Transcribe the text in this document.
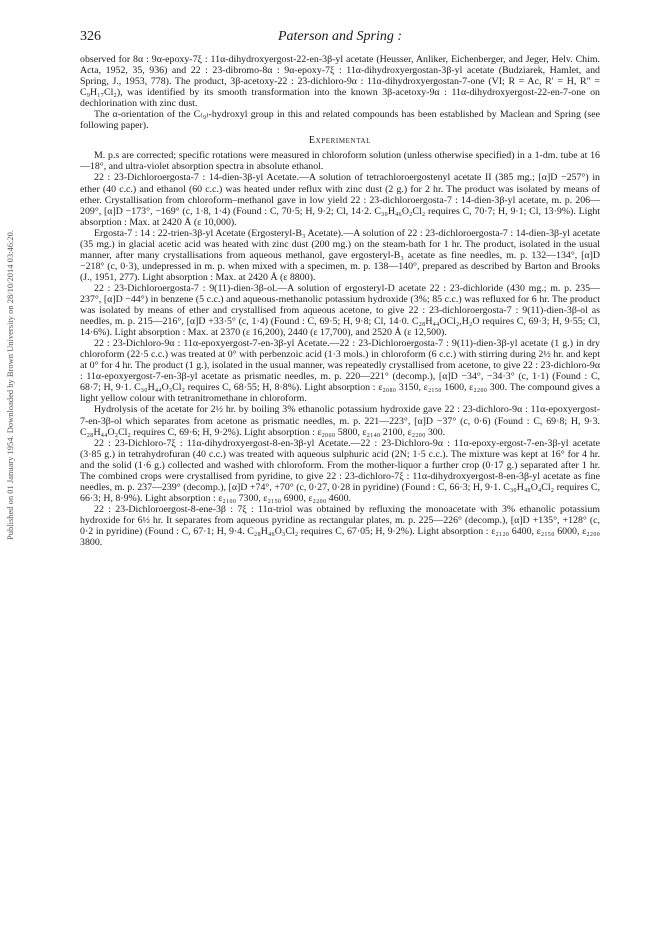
Published on 01 January 1954. Downloaded by Brown University on 28/10/2014 03:46:20.
326	Paterson and Spring :

observed for 8α : 9α-epoxy-7ξ : 11α-dihydroxyergost-22-en-3β-yl acetate (Heusser, Anliker, Eichenberger, and Jeger, Helv. Chim. Acta, 1952, 35, 936) and 22 : 23-dibromo-8α : 9α-epoxy-7ξ : 11α-dihydroxyergostan-3β-yl acetate (Budziarek, Hamlet, and Spring, J., 1953, 778). The product, 3β-acetoxy-22 : 23-dichloro-9α : 11α-dihydroxyergostan-7-one (VI; R = Ac, R′ = H, R″ = C₉H₁₇Cl₂), was identified by its smooth transformation into the known 3β-acetoxy-9α : 11α-dihydroxyergost-22-en-7-one on dechlorination with zinc dust.

The α-orientation of the C₍₉₎-hydroxyl group in this and related compounds has been established by Maclean and Spring (see following paper).

Experimental

M. p.s are corrected; specific rotations were measured in chloroform solution (unless otherwise specified) in a 1-dm. tube at 16—18°, and ultra-violet absorption spectra in absolute ethanol.

22 : 23-Dichloroergosta-7 : 14-dien-3β-yl Acetate.—A solution of tetrachloroergostenyl acetate II (385 mg.; [α]D −257°) in ether (40 c.c.) and ethanol (60 c.c.) was heated under reflux with zinc dust (2 g.) for 2 hr. The product was isolated by means of ether. Crystallisation from chloroform–methanol gave in low yield 22 : 23-dichloroergosta-7 : 14-dien-3β-yl acetate, m. p. 206—209°, [α]D −173°, −169° (c, 1·8, 1·4) (Found : C, 70·5; H, 9·2; Cl, 14·2. C₃₀H₄₆O₂Cl₂ requires C, 70·7; H, 9·1; Cl, 13·9%). Light absorption : Max. at 2420 Å (ε 10,000).

Ergosta-7 : 14 : 22-trien-3β-yl Acetate (Ergosteryl-B₃ Acetate).—A solution of 22 : 23-dichloroergosta-7 : 14-dien-3β-yl acetate (35 mg.) in glacial acetic acid was heated with zinc dust (200 mg.) on the steam-bath for 1 hr. The product, isolated in the usual manner, after many crystallisations from aqueous methanol, gave ergosteryl-B₃ acetate as fine needles, m. p. 132—134°, [α]D −218° (c, 0·3), undepressed in m. p. when mixed with a specimen, m. p. 138—140°, prepared as described by Barton and Brooks (J., 1951, 277). Light absorption : Max. at 2420 Å (ε 8800).

22 : 23-Dichloroergosta-7 : 9(11)-dien-3β-ol.—A solution of ergosteryl-D acetate 22 : 23-dichloride (430 mg.; m. p. 235—237°, [α]D −44°) in benzene (5 c.c.) and aqueous-methanolic potassium hydroxide (3%; 85 c.c.) was refluxed for 6 hr. The product was isolated by means of ether and crystallised from aqueous acetone, to give 22 : 23-dichloroergosta-7 : 9(11)-dien-3β-ol as needles, m. p. 215—216°, [α]D +33·5° (c, 1·4) (Found : C, 69·5; H, 9·8; Cl, 14·0. C₂₈H₄₄OCl₂,H₂O requires C, 69·3; H, 9·55; Cl, 14·6%). Light absorption : Max. at 2370 (ε 16,200), 2440 (ε 17,700), and 2520 Å (ε 12,500).

22 : 23-Dichloro-9α : 11α-epoxyergost-7-en-3β-yl Acetate.—22 : 23-Dichloroergosta-7 : 9(11)-dien-3β-yl acetate (1 g.) in dry chloroform (22·5 c.c.) was treated at 0° with perbenzoic acid (1·3 mols.) in chloroform (6 c.c.) with stirring during 2½ hr. and kept at 0° for 4 hr. The product (1 g.), isolated in the usual manner, was repeatedly crystallised from acetone, to give 22 : 23-dichloro-9α : 11α-epoxyergost-7-en-3β-yl acetate as prismatic needles, m. p. 220—221° (decomp.), [α]D −34°, −34·3° (c, 1·1) (Found : C, 68·7; H, 9·1. C₃₀H₄₄O₃Cl₂ requires C, 68·55; H, 8·8%). Light absorption : ε₂₀₈₀ 3150, ε₂₁₅₀ 1600, ε₂₂₀₀ 300. The compound gives a light yellow colour with tetranitromethane in chloroform.

Hydrolysis of the acetate for 2½ hr. by boiling 3% ethanolic potassium hydroxide gave 22 : 23-dichloro-9α : 11α-epoxyergost-7-en-3β-ol which separates from acetone as prismatic needles, m. p. 221—223°, [α]D −37° (c, 0·6) (Found : C, 69·8; H, 9·3. C₂₈H₄₄O₂Cl₂ requires C, 69·6; H, 9·2%). Light absorption : ε₂₀₆₀ 5800, ε₂₁₄₀ 2100, ε₂₂₀₀ 300.

22 : 23-Dichloro-7ξ : 11α-dihydroxyergost-8-en-3β-yl Acetate.—22 : 23-Dichloro-9α : 11α-epoxy-ergost-7-en-3β-yl acetate (3·85 g.) in tetrahydrofuran (40 c.c.) was treated with aqueous sulphuric acid (2N; 1·5 c.c.). The mixture was kept at 16° for 4 hr. and the solid (1·6 g.) collected and washed with chloroform. From the mother-liquor a further crop (0·17 g.) separated after 1 hr. The combined crops were crystallised from pyridine, to give 22 : 23-dichloro-7ξ : 11α-dihydroxyergost-8-en-3β-yl acetate as fine needles, m. p. 237—239° (decomp.), [α]D +74°, +70° (c, 0·27, 0·28 in pyridine) (Found : C, 66·3; H, 9·1. C₃₀H₄₈O₄Cl₂ requires C, 66·3; H, 8·9%). Light absorption : ε₂₁₀₀ 7300, ε₂₁₅₀ 6900, ε₂₂₀₀ 4600.

22 : 23-Dichloroergost-8-ene-3β : 7ξ : 11α-triol was obtained by refluxing the monoacetate with 3% ethanolic potassium hydroxide for 6½ hr. It separates from aqueous pyridine as rectangular plates, m. p. 225—226° (decomp.), [α]D +135°, +128° (c, 0·2 in pyridine) (Found : C, 67·1; H, 9·4. C₂₈H₄₆O₃Cl₂ requires C, 67·05; H, 9·2%). Light absorption : ε₂₁₂₀ 6400, ε₂₁₅₀ 6000, ε₂₂₀₀ 3800.
